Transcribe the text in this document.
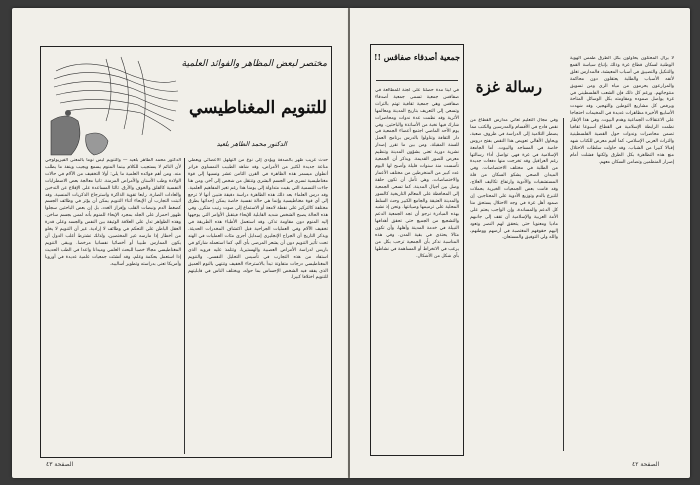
مختصر لبعض المظاهر والفوائد العلمية
للتنويم المغناطيسي
الدكتور محمد الطاهر بلعيد
حدث غريب ظهر بالصدفة ويؤدي إلى نوع من التهلهل الأعضائي ويعطي مناعة جديدة لكثير من الأمراض، وقد شاهد الطبيب النمساوي فرانز أنطوان ميسمر هذه الظاهرة في القرن الثامن عشر ونسبها إلى قوة مغناطيسية تسري في الجسم البشري وتنتقل من شخص إلى آخر، ومن هنا جاءت التسمية التي بقيت متداولة إلى يومنا هذا رغم تغير المفاهيم العلمية. وقد درس العلماء بعد ذلك هذه الظاهرة دراسة دقيقة فتبين أنها لا ترجع إلى أي قوة مغناطيسية وإنما هي حالة نفسية خاصة يمكن إحداثها بطرق مختلفة كالتركيز على نقطة لامعة أو الاستماع إلى صوت رتيب متكرر. وفي هذه الحالة يصبح الشخص شديد القابلية للإيحاء فيتقبل الأوامر التي يوجهها إليه المنوم دون مقاومة تذكر، وقد استعمل الأطباء هذه الطريقة في تخفيف الآلام وفي العمليات الجراحية قبل اكتشاف المخدرات الحديثة. ويذكر التاريخ أن الجراح الإنجليزي إسدايل أجرى مئات العمليات في الهند تحت تأثير التنويم دون أن يشعر المرضى بأي ألم، كما استعمله شاركو في باريس لدراسة الأمراض العصبية والهستيريا، وتتلمذ عليه فرويد الذي استفاد من هذه التجارب في تأسيس التحليل النفسي. والتنويم المغناطيسي درجات متفاوتة تبدأ بالاسترخاء الخفيف وتنتهي بالنوم العميق الذي يفقد فيه الشخص الإحساس بما حوله، ويختلف الناس في قابليتهم للتنويم اختلافا كبيرا.
الدكتور محمد الطاهر بلعيد — والتنويم ليس نوما بالمعنى الفيزيولوجي لأن النائم لا يستجيب للكلام بينما المنوم يسمع ويجيب وينفذ ما يطلب منه. ومن أهم فوائده العلمية ما يلي: أولا التخفيف من الآلام في حالات الولادة وطب الأسنان والأمراض المزمنة. ثانيا معالجة بعض الاضطرابات النفسية كالقلق والخوف والأرق. ثالثا المساعدة على الإقلاع عن التدخين والعادات الضارة. رابعا تقوية الذاكرة واسترجاع الذكريات المنسية. وقد أثبتت التجارب أن الإيحاء أثناء التنويم يمكن أن يؤثر في وظائف الجسم كضغط الدم ونبضات القلب وإفراز الغدد، بل إن بعض الباحثين سجلوا ظهور احمرار على الجلد بمجرد الإيحاء للمنوم بأنه لمس بجسم ساخن. وهذه الظواهر تدل على العلاقة الوثيقة بين النفس والجسد وعلى قدرة العقل الباطن على التحكم في وظائف لا إرادية. غير أن التنويم لا يخلو من أخطار إذا مارسه غير المختصين، ولذلك تشترط أغلب الدول أن يكون الممارس طبيبا أو أخصائيا نفسانيا مرخصا. ويبقى التنويم المغناطيسي مجالا خصبا للبحث العلمي وميدانا واعدا في الطب الحديث إذا استعمل بحكمة وعلم، وقد أنشئت جمعيات علمية عديدة في أوروبا وأمريكا تعنى بدراسته وتطوير أساليبه.
الصفحة ٤٣
جمعية أصدقاء صفاقس !!
في لينا مدة حصلنا على لجنة للمطالعة في صفاقس جمعية تسمى جمعية أصدقاء صفاقس وهي جمعية ثقافية تهتم بالتراث وتسعى إلى التعريف بتاريخ المدينة ومعالمها الأثرية وقد نظمت عدة ندوات ومحاضرات شارك فيها نخبة من الأساتذة والباحثين. وفي يوم الأحد الماضي اجتمع أعضاء الجمعية في دار الثقافة وتناولوا بالدرس برنامج العمل للسنة المقبلة، ومن بين ما تقرر إصدار نشرية دورية تعنى بشؤون المدينة وتنظيم معرض للصور القديمة. ويذكر أن الجمعية تأسست منذ سنوات قليلة وأصبح لها اليوم عدد كبير من المنخرطين من مختلف الأعمار والاختصاصات، وهي تأمل أن تكون حلقة وصل بين أجيال المدينة. كما تسعى الجمعية إلى المحافظة على المعالم التاريخية كالسور والمدينة العتيقة والجامع الكبير وحث السلط المحلية على ترميمها وصيانتها. ونحن إذ نشيد بهذه المبادرة نرجو أن تجد الجمعية الدعم والتشجيع من الجميع حتى تحقق أهدافها النبيلة في خدمة المدينة وأهلها، وأن تكون مثالا يحتذى في بقية المدن. وفي هذه المناسبة نذكر بأن الجمعية ترحب بكل من يرغب في الانخراط أو المساهمة في نشاطها بأي شكل من الأشكال.
رسالة غزة
لا يزال المحتلون يحاولون بكل الطرق طمس الهوية الوطنية لسكان قطاع غزة وذلك بإتباع سياسة القمع والتنكيل والتضييق في أسباب المعيشة، فالمدارس تغلق لأتفه الأسباب والطلبة يعتقلون دون محاكمة والمزارعون يحرمون من مياه الري ومن تسويق منتوجاتهم. ورغم كل ذلك فإن الشعب الفلسطيني في غزة يواصل صموده ومقاومته بكل الوسائل المتاحة ويرفض كل مشاريع التوطين والتهجير، وقد شهدت الأسابيع الأخيرة مظاهرات عديدة في المخيمات احتجاجا على الاعتقالات الجماعية وهدم البيوت. وفي هذا الإطار نظمت الرابطة الإسلامية في القطاع أسبوعا ثقافيا تضمن محاضرات وندوات حول القضية الفلسطينية والتراث العربي الإسلامي، كما أقيم معرض للكتاب شهد إقبالا كبيرا من الشباب. وقد حاولت سلطات الاحتلال منع هذه التظاهرة بكل الطرق ولكنها فشلت أمام إصرار المنظمين وتضامن السكان معهم.
وفي مجال التعليم تعاني مدارس القطاع من نقص فادح في الأقسام والمدرسين والكتب مما يضطر التلاميذ إلى الدراسة في ظروف صعبة، ويحاول الأهالي تعويض هذا النقص بفتح دروس خاصة في المساجد والبيوت. أما الجامعة الإسلامية في غزة فهي تواصل أداء رسالتها رغم العراقيل وقد تخرجت منها دفعات جديدة من الطلبة في مختلف الاختصاصات. وفي الميدان الصحي يشكو السكان من قلة المستشفيات والأدوية وارتفاع تكاليف العلاج، وقد قامت بعض الجمعيات الخيرية بحملات للتبرع بالدم وتوزيع الأدوية على المحتاجين. إن صمود أهل غزة في وجه الاحتلال يستحق منا كل الدعم والمساندة، وإن الواجب يحتم على الأمة العربية والإسلامية أن تقف إلى جانبهم ماديا ومعنويا حتى يتحقق لهم النصر وتعود إليهم حقوقهم المغتصبة في أرضهم ووطنهم، والله ولي التوفيق والمستعان.
الصفحة ٤٢
